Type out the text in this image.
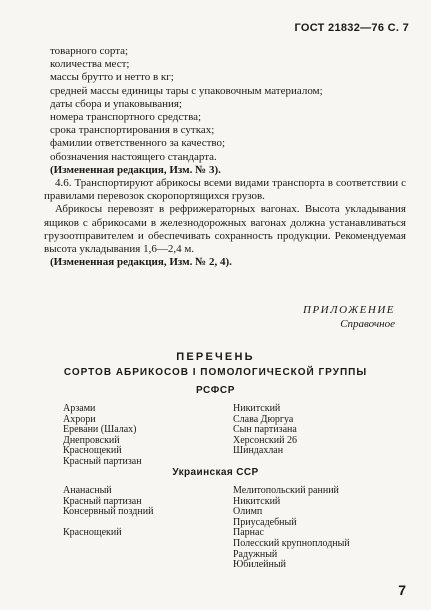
ГОСТ 21832—76 С. 7
товарного сорта;
количества мест;
массы брутто и нетто в кг;
средней массы единицы тары с упаковочным материалом;
даты сбора и упаковывания;
номера транспортного средства;
срока транспортирования в сутках;
фамилии ответственного за качество;
обозначения настоящего стандарта.
(Измененная редакция, Изм. № 3).

4.6. Транспортируют абрикосы всеми видами транспорта в соответствии с правилами перевозок скоропортящихся грузов.

Абрикосы перевозят в рефрижераторных вагонах. Высота укладывания ящиков с абрикосами в железнодорожных вагонах должна устанавливаться грузоотправителем и обеспечивать сохранность продукции. Рекомендуемая высота укладывания 1,6—2,4 м.

(Измененная редакция, Изм. № 2, 4).
ПРИЛОЖЕНИЕ
Справочное
ПЕРЕЧЕНЬ
СОРТОВ АБРИКОСОВ I ПОМОЛОГИЧЕСКОЙ ГРУППЫ
РСФСР
Арзами
Ахрори
Еревани (Шалах)
Днепровский
Краснощекий
Красный партизан
Никитский
Слава Дюргуа
Сын партизана
Херсонский 26
Шиндахлан
Украинская ССР
Ананасный
Красный партизан
Консервный поздний

Краснощекий
Мелитопольский ранний
Никитский
Олимп
Приусадебный
Парнас
Полесский крупноплодный
Радужный
Юбилейный
7
